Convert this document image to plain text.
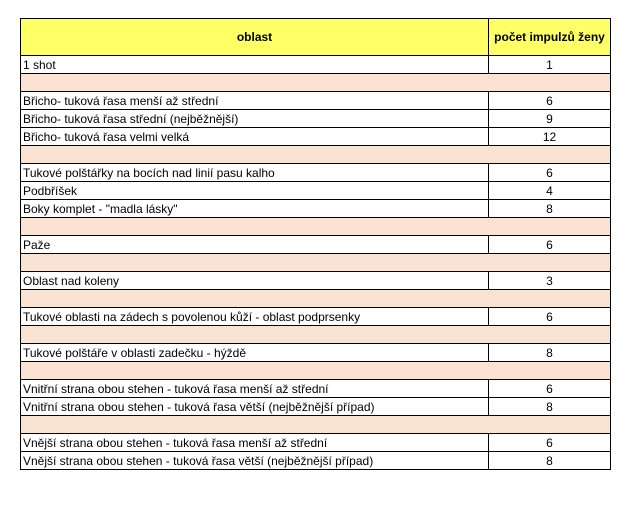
oblast	počet impulzů ženy
1 shot	1

Břicho- tuková řasa menší až střední	6
Břicho- tuková řasa střední (nejběžnější)	9
Břicho- tuková řasa velmi velká	12

Tukové polštářky na bocích nad linií pasu kalho	6
Podbříšek	4
Boky komplet - "madla lásky"	8

Paže	6

Oblast nad koleny	3

Tukové oblasti na zádech s povolenou kůží - oblast podprsenky	6

Tukové polštáře v oblasti zadečku - hýždě	8

Vnitřní strana obou stehen - tuková řasa menší až střední	6
Vnitřní strana obou stehen - tuková řasa větší (nejběžnější případ)	8

Vnější strana obou stehen - tuková řasa menší až střední	6
Vnější strana obou stehen - tuková řasa větší (nejběžnější případ)	8
